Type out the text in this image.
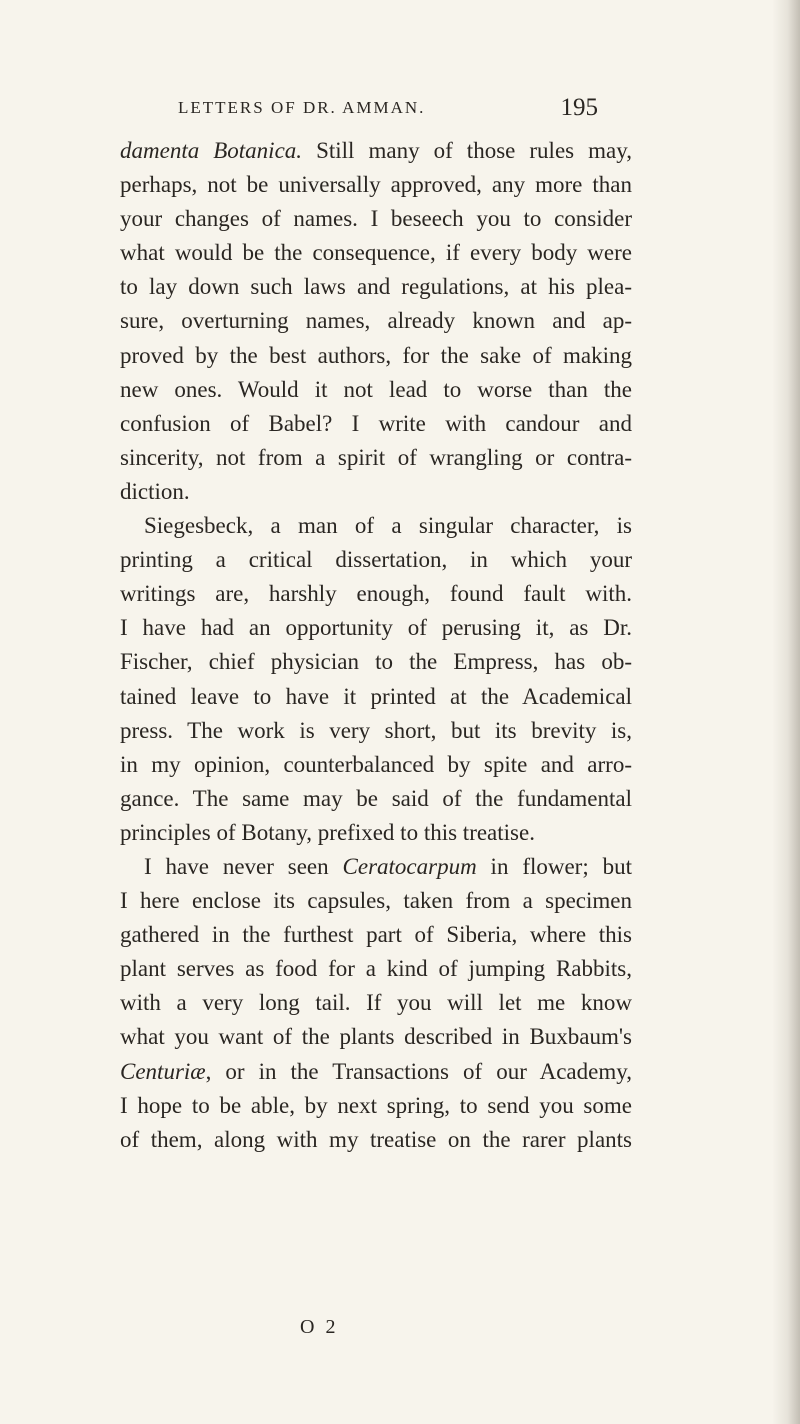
LETTERS OF DR. AMMAN.	195
damenta Botanica. Still many of those rules may,
perhaps, not be universally approved, any more than
your changes of names. I beseech you to consider
what would be the consequence, if every body were
to lay down such laws and regulations, at his plea-
sure, overturning names, already known and ap-
proved by the best authors, for the sake of making
new ones. Would it not lead to worse than the
confusion of Babel? I write with candour and
sincerity, not from a spirit of wrangling or contra-
diction.
Siegesbeck, a man of a singular character, is
printing a critical dissertation, in which your
writings are, harshly enough, found fault with.
I have had an opportunity of perusing it, as Dr.
Fischer, chief physician to the Empress, has ob-
tained leave to have it printed at the Academical
press. The work is very short, but its brevity is,
in my opinion, counterbalanced by spite and arro-
gance. The same may be said of the fundamental
principles of Botany, prefixed to this treatise.
I have never seen Ceratocarpum in flower; but
I here enclose its capsules, taken from a specimen
gathered in the furthest part of Siberia, where this
plant serves as food for a kind of jumping Rabbits,
with a very long tail. If you will let me know
what you want of the plants described in Buxbaum's
Centuriæ, or in the Transactions of our Academy,
I hope to be able, by next spring, to send you some
of them, along with my treatise on the rarer plants
O 2
